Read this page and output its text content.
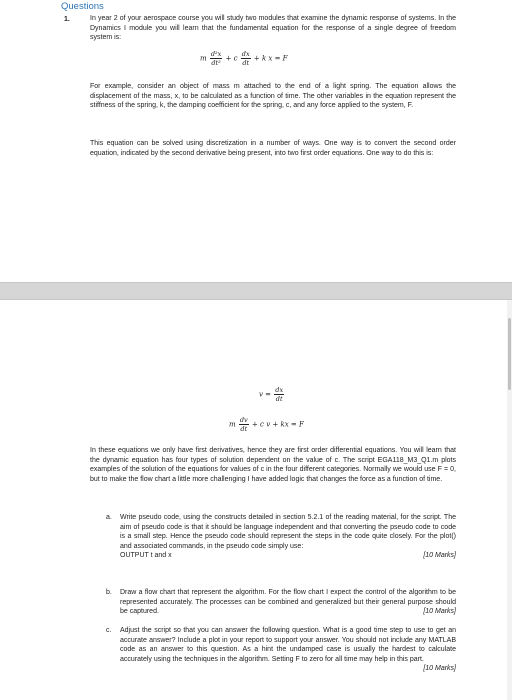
Questions
1.	In year 2 of your aerospace course you will study two modules that examine the dynamic response of systems. In the Dynamics I module you will learn that the fundamental equation for the response of a single degree of freedom system is:

m $\frac{\text{d²x}}{\text{dt²}} + c \frac{dx}{dt} + k$ x = F

For example, consider an object of mass m attached to the end of a light spring. The equation allows the displacement of the mass, x, to be calculated as a function of time. The other variables in the equation represent the stiffness of the spring, k, the damping coefficient for the spring, c, and any force applied to the system, F.

This equation can be solved using discretization in a number of ways. One way is to convert the second order equation, indicated by the second derivative being present, into two first order equations. One way to do this is:

$v = \frac{dx}{dt}$
m $\frac{dv}{dt} + c$ v + kx = F

In these equations we only have first derivatives, hence they are first order differential equations. You will learn that the dynamic equation has four types of solution dependent on the value of c. The script EGA118_M3_Q1.m plots examples of the solution of the equations for values of c in the four different categories. Normally we would use F = 0, but to make the flow chart a little more challenging I have added logic that changes the force as a function of time.

a. Write pseudo code, using the constructs detailed in section 5.2.1 of the reading material, for the script. The aim of pseudo code is that it should be language independent and that converting the pseudo code to code is a small step. Hence the pseudo code should represent the steps in the code quite closely. For the plot() and associated commands, in the pseudo code simply use:
OUTPUT t and x	[10 Marks]
b. Draw a flow chart that represent the algorithm. For the flow chart I expect the control of the algorithm to be represented accurately. The processes can be combined and generalized but their general purpose should be captured.	[10 Marks]
c. Adjust the script so that you can answer the following question. What is a good time step to use to get an accurate answer? Include a plot in your report to support your answer. You should not include any MATLAB code as an answer to this question. As a hint the undamped case is usually the hardest to calculate accurately using the techniques in the algorithm. Setting F to zero for all time may help in this part.
[10 Marks]
